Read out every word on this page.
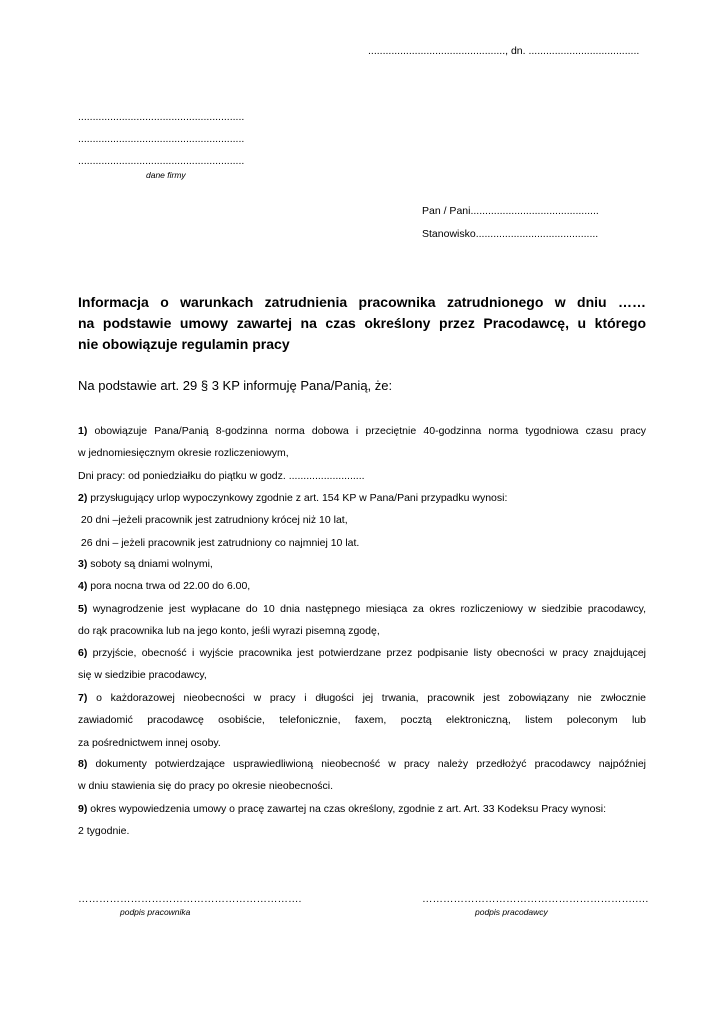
..............................................., dn. ......................................
.........................................................
.........................................................
.........................................................
dane firmy
Pan / Pani............................................
Stanowisko..........................................
Informacja o warunkach zatrudnienia pracownika zatrudnionego w dniu ……
na podstawie umowy zawartej na czas określony przez Pracodawcę, u którego
nie obowiązuje regulamin pracy
Na podstawie art. 29 § 3 KP informuję Pana/Panią, że:
1) obowiązuje Pana/Panią 8-godzinna norma dobowa i przeciętnie 40-godzinna norma tygodniowa czasu pracy
w jednomiesięcznym okresie rozliczeniowym,
Dni pracy: od poniedziałku do piątku w godz. ..........................
2) przysługujący urlop wypoczynkowy zgodnie z art. 154 KP w Pana/Pani przypadku wynosi:
20 dni –jeżeli pracownik jest zatrudniony krócej niż 10 lat,
26 dni – jeżeli pracownik jest zatrudniony co najmniej 10 lat.
3) soboty są dniami wolnymi,
4) pora nocna trwa od 22.00 do 6.00,
5) wynagrodzenie jest wypłacane do 10 dnia następnego miesiąca za okres rozliczeniowy w siedzibie pracodawcy,
do rąk pracownika lub na jego konto, jeśli wyrazi pisemną zgodę,
6) przyjście, obecność i wyjście pracownika jest potwierdzane przez podpisanie listy obecności w pracy znajdującej
się w siedzibie pracodawcy,
7) o każdorazowej nieobecności w pracy i długości jej trwania, pracownik jest zobowiązany nie zwłocznie
zawiadomić pracodawcę osobiście, telefonicznie, faxem, pocztą elektroniczną, listem poleconym lub
za pośrednictwem innej osoby.
8) dokumenty potwierdzające usprawiedliwioną nieobecność w pracy należy przedłożyć pracodawcy najpóźniej
w dniu stawienia się do pracy po okresie nieobecności.
9) okres wypowiedzenia umowy o pracę zawartej na czas określony, zgodnie z art. Art. 33 Kodeksu Pracy wynosi:
2 tygodnie.
……………………………………………………….
podpis pracownika
…………………………………………………….….
podpis pracodawcy
